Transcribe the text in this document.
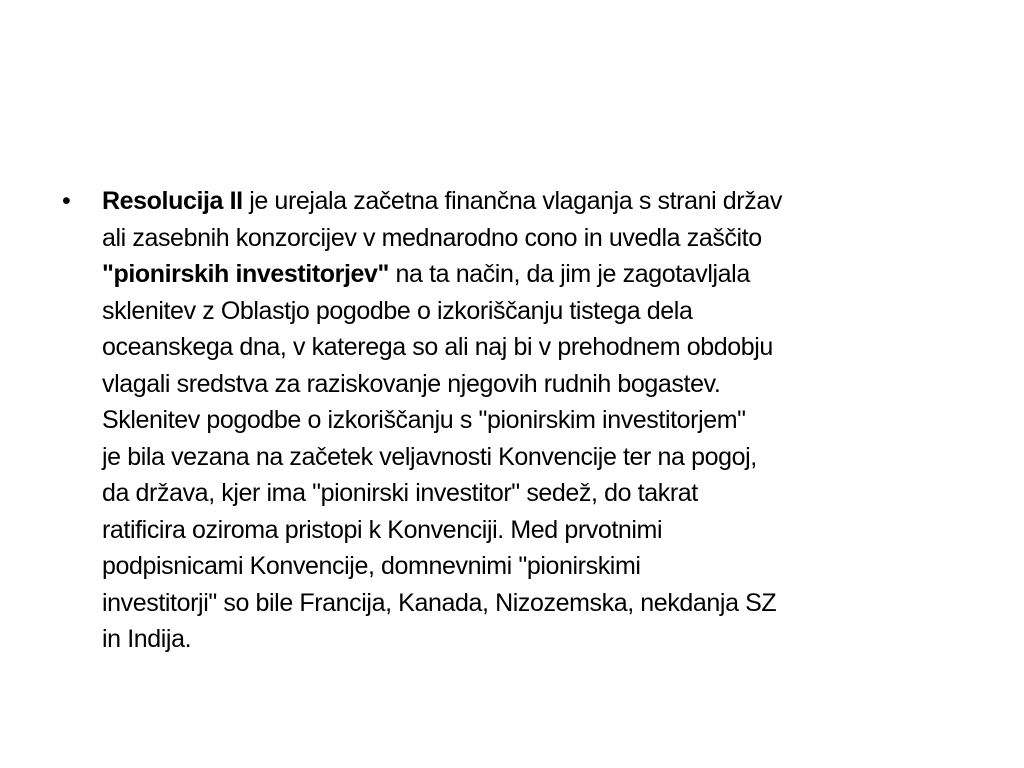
• Resolucija II je urejala začetna finančna vlaganja s strani držav
ali zasebnih konzorcijev v mednarodno cono in uvedla zaščito
"pionirskih investitorjev" na ta način, da jim je zagotavljala
sklenitev z Oblastjo pogodbe o izkoriščanju tistega dela
oceanskega dna, v katerega so ali naj bi v prehodnem obdobju
vlagali sredstva za raziskovanje njegovih rudnih bogastev.
Sklenitev pogodbe o izkoriščanju s "pionirskim investitorjem"
je bila vezana na začetek veljavnosti Konvencije ter na pogoj,
da država, kjer ima "pionirski investitor" sedež, do takrat
ratificira oziroma pristopi k Konvenciji. Med prvotnimi
podpisnicami Konvencije, domnevnimi "pionirskimi
investitorji" so bile Francija, Kanada, Nizozemska, nekdanja SZ
in Indija.
